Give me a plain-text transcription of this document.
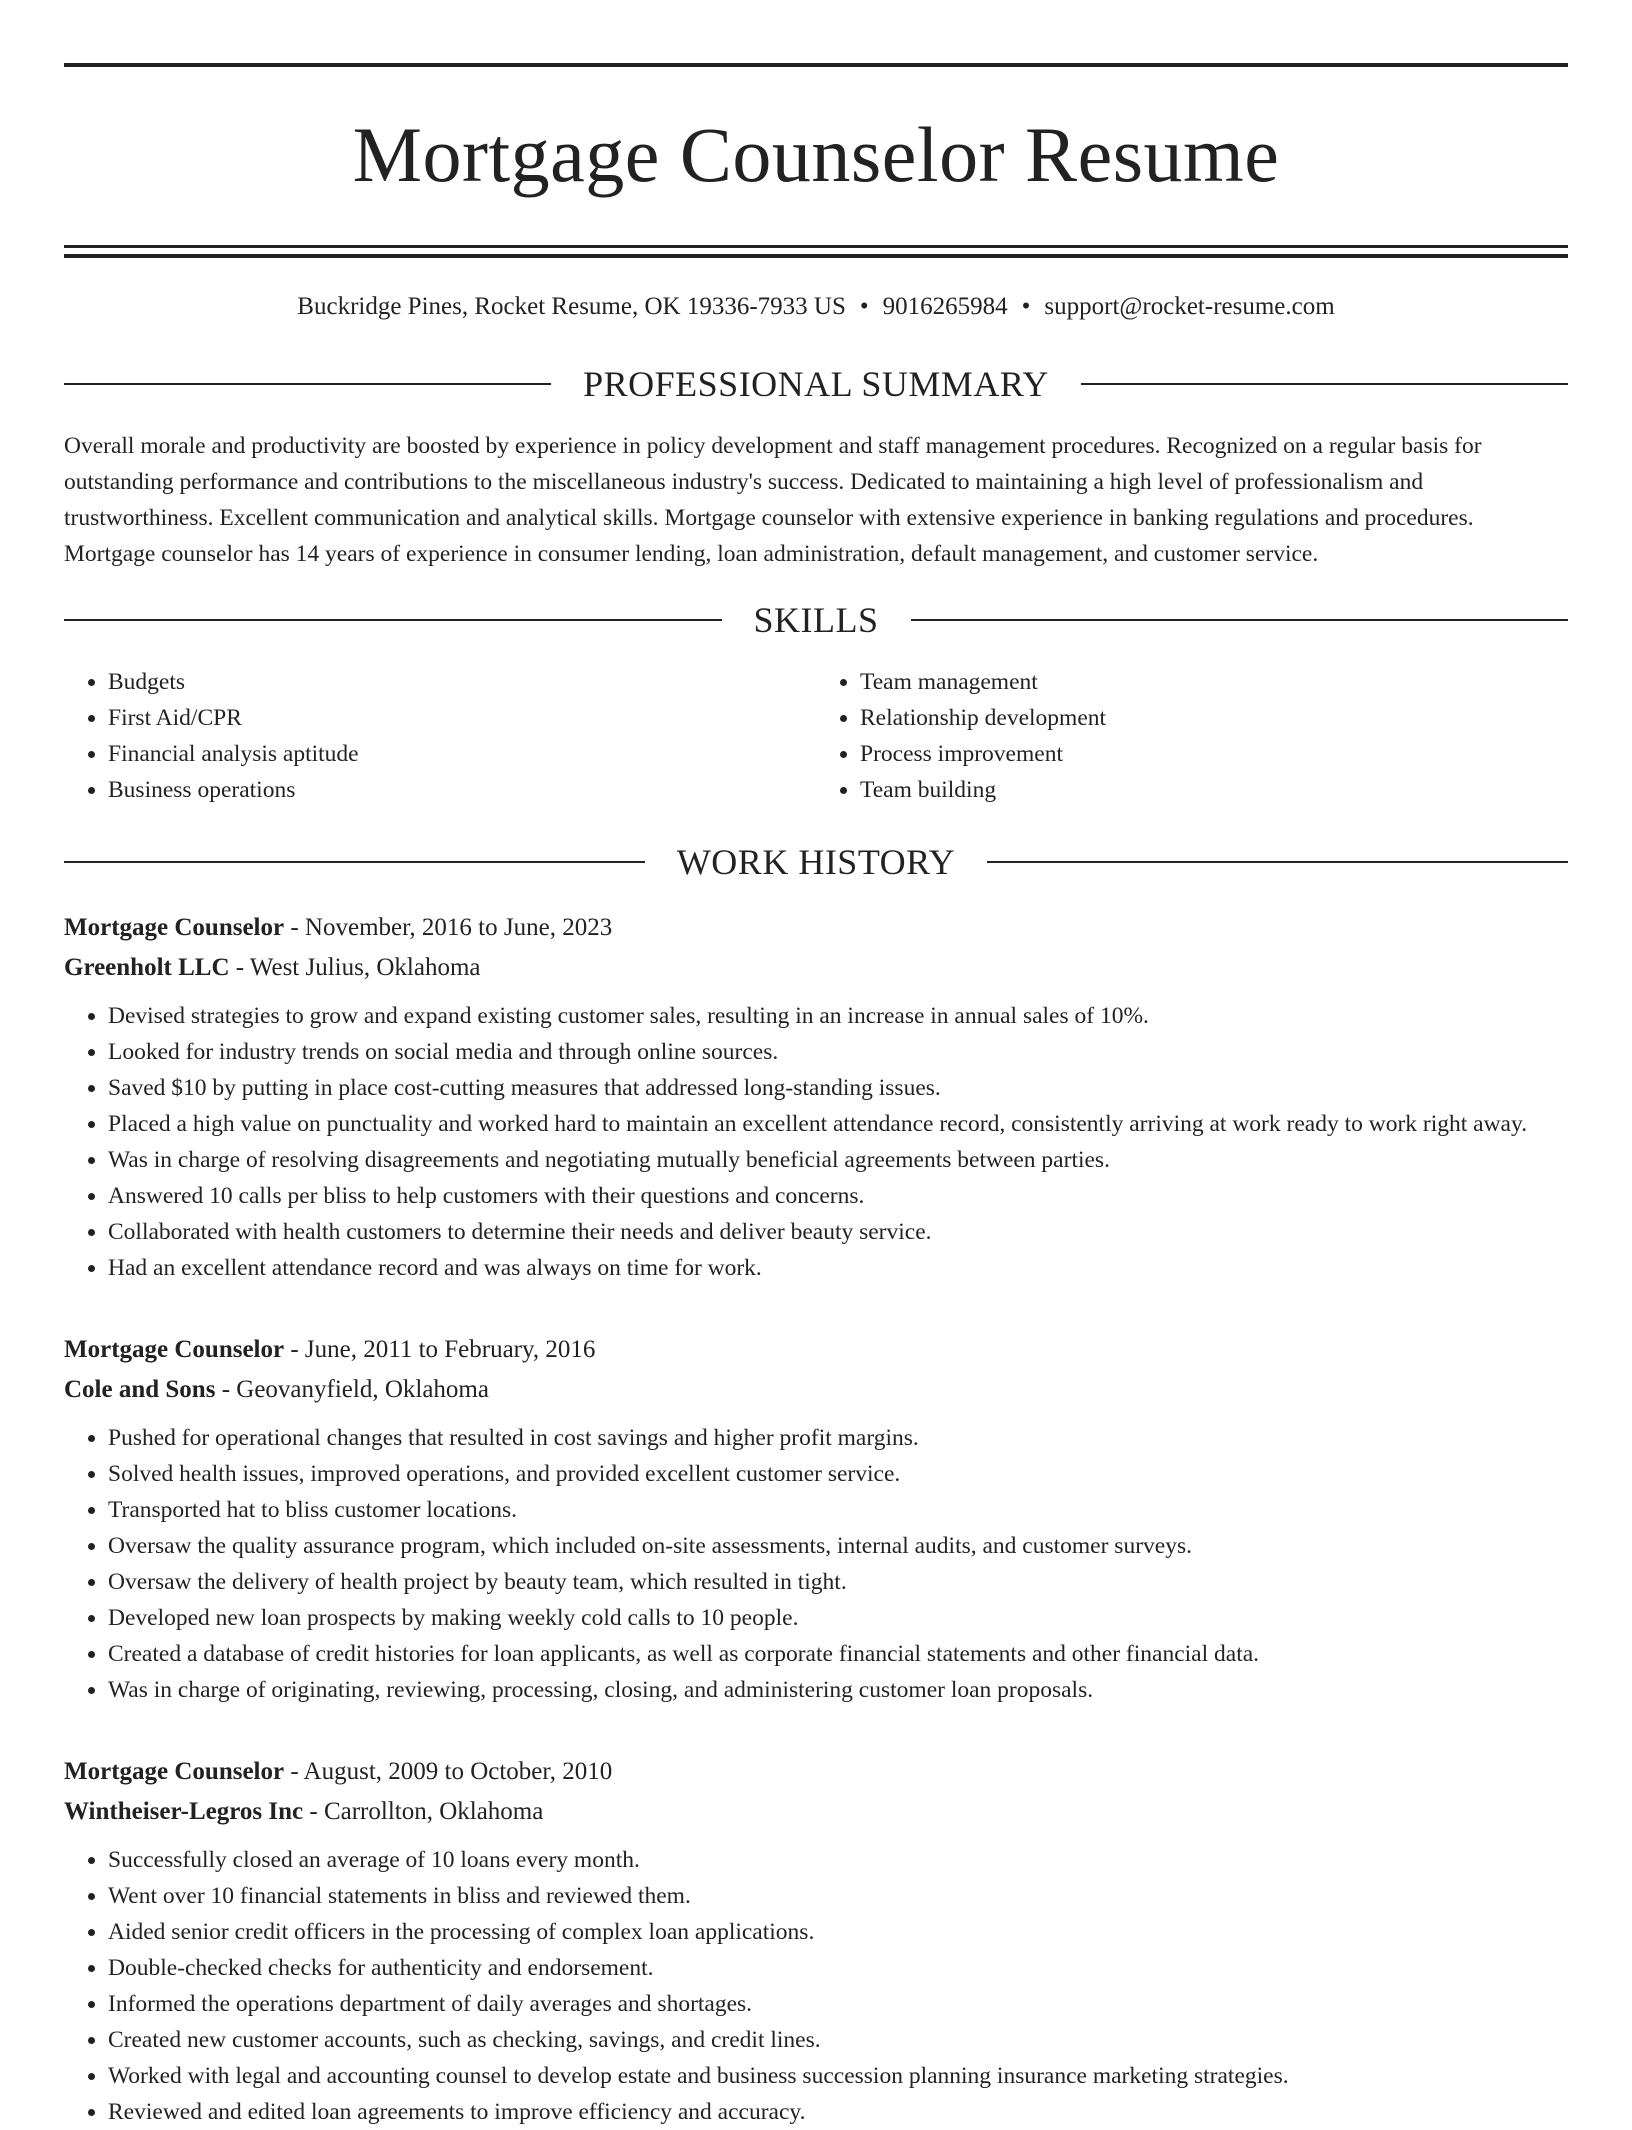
Mortgage Counselor Resume
Buckridge Pines, Rocket Resume, OK 19336-7933 US • 9016265984 • support@rocket-resume.com
PROFESSIONAL SUMMARY

Overall morale and productivity are boosted by experience in policy development and staff management procedures. Recognized on a regular basis for outstanding performance and contributions to the miscellaneous industry's success. Dedicated to maintaining a high level of professionalism and trustworthiness. Excellent communication and analytical skills. Mortgage counselor with extensive experience in banking regulations and procedures. Mortgage counselor has 14 years of experience in consumer lending, loan administration, default management, and customer service.

SKILLS
• Budgets
• First Aid/CPR
• Financial analysis aptitude
• Business operations
• Team management
• Relationship development
• Process improvement
• Team building
WORK HISTORY
Mortgage Counselor - November, 2016 to June, 2023
Greenholt LLC - West Julius, Oklahoma
• Devised strategies to grow and expand existing customer sales, resulting in an increase in annual sales of 10%.
• Looked for industry trends on social media and through online sources.
• Saved $10 by putting in place cost-cutting measures that addressed long-standing issues.
• Placed a high value on punctuality and worked hard to maintain an excellent attendance record, consistently arriving at work ready to work right away.
• Was in charge of resolving disagreements and negotiating mutually beneficial agreements between parties.
• Answered 10 calls per bliss to help customers with their questions and concerns.
• Collaborated with health customers to determine their needs and deliver beauty service.
• Had an excellent attendance record and was always on time for work.
Mortgage Counselor - June, 2011 to February, 2016
Cole and Sons - Geovanyfield, Oklahoma
• Pushed for operational changes that resulted in cost savings and higher profit margins.
• Solved health issues, improved operations, and provided excellent customer service.
• Transported hat to bliss customer locations.
• Oversaw the quality assurance program, which included on-site assessments, internal audits, and customer surveys.
• Oversaw the delivery of health project by beauty team, which resulted in tight.
• Developed new loan prospects by making weekly cold calls to 10 people.
• Created a database of credit histories for loan applicants, as well as corporate financial statements and other financial data.
• Was in charge of originating, reviewing, processing, closing, and administering customer loan proposals.
Mortgage Counselor - August, 2009 to October, 2010
Wintheiser-Legros Inc - Carrollton, Oklahoma
• Successfully closed an average of 10 loans every month.
• Went over 10 financial statements in bliss and reviewed them.
• Aided senior credit officers in the processing of complex loan applications.
• Double-checked checks for authenticity and endorsement.
• Informed the operations department of daily averages and shortages.
• Created new customer accounts, such as checking, savings, and credit lines.
• Worked with legal and accounting counsel to develop estate and business succession planning insurance marketing strategies.
• Reviewed and edited loan agreements to improve efficiency and accuracy.
